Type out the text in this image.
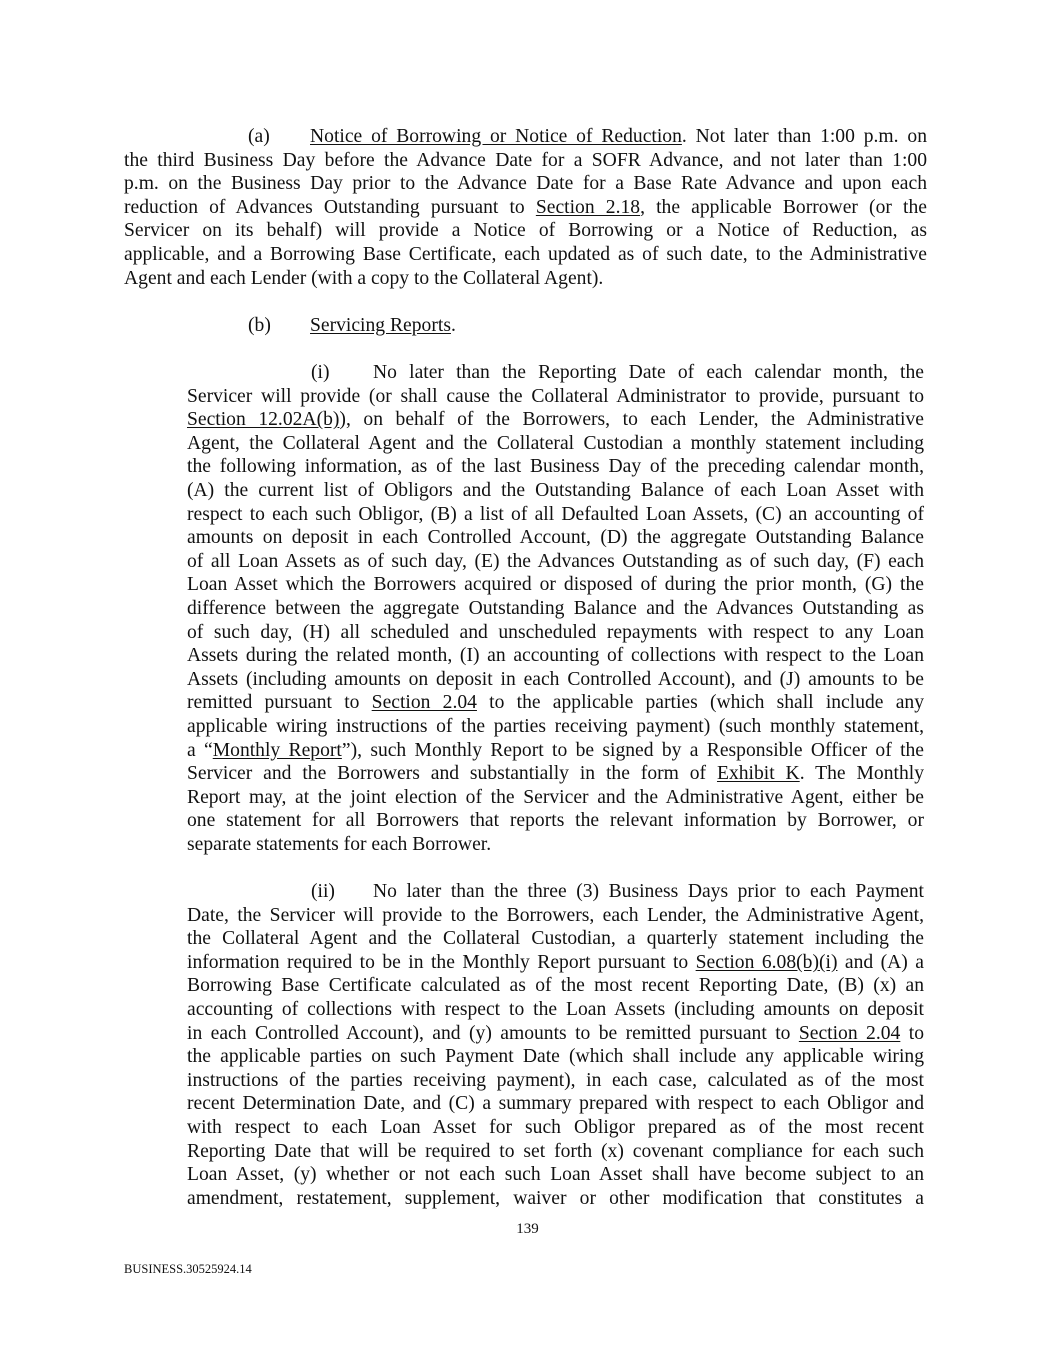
(a) Notice of Borrowing or Notice of Reduction. Not later than 1:00 p.m. on
the third Business Day before the Advance Date for a SOFR Advance, and not later than 1:00
p.m. on the Business Day prior to the Advance Date for a Base Rate Advance and upon each
reduction of Advances Outstanding pursuant to Section 2.18, the applicable Borrower (or the
Servicer on its behalf) will provide a Notice of Borrowing or a Notice of Reduction, as
applicable, and a Borrowing Base Certificate, each updated as of such date, to the Administrative
Agent and each Lender (with a copy to the Collateral Agent).
(b) Servicing Reports.
(i) No later than the Reporting Date of each calendar month, the
Servicer will provide (or shall cause the Collateral Administrator to provide, pursuant to
Section 12.02A(b)), on behalf of the Borrowers, to each Lender, the Administrative
Agent, the Collateral Agent and the Collateral Custodian a monthly statement including
the following information, as of the last Business Day of the preceding calendar month,
(A) the current list of Obligors and the Outstanding Balance of each Loan Asset with
respect to each such Obligor, (B) a list of all Defaulted Loan Assets, (C) an accounting of
amounts on deposit in each Controlled Account, (D) the aggregate Outstanding Balance
of all Loan Assets as of such day, (E) the Advances Outstanding as of such day, (F) each
Loan Asset which the Borrowers acquired or disposed of during the prior month, (G) the
difference between the aggregate Outstanding Balance and the Advances Outstanding as
of such day, (H) all scheduled and unscheduled repayments with respect to any Loan
Assets during the related month, (I) an accounting of collections with respect to the Loan
Assets (including amounts on deposit in each Controlled Account), and (J) amounts to be
remitted pursuant to Section 2.04 to the applicable parties (which shall include any
applicable wiring instructions of the parties receiving payment) (such monthly statement,
a “Monthly Report”), such Monthly Report to be signed by a Responsible Officer of the
Servicer and the Borrowers and substantially in the form of Exhibit K. The Monthly
Report may, at the joint election of the Servicer and the Administrative Agent, either be
one statement for all Borrowers that reports the relevant information by Borrower, or
separate statements for each Borrower.
(ii) No later than the three (3) Business Days prior to each Payment
Date, the Servicer will provide to the Borrowers, each Lender, the Administrative Agent,
the Collateral Agent and the Collateral Custodian, a quarterly statement including the
information required to be in the Monthly Report pursuant to Section 6.08(b)(i) and (A) a
Borrowing Base Certificate calculated as of the most recent Reporting Date, (B) (x) an
accounting of collections with respect to the Loan Assets (including amounts on deposit
in each Controlled Account), and (y) amounts to be remitted pursuant to Section 2.04 to
the applicable parties on such Payment Date (which shall include any applicable wiring
instructions of the parties receiving payment), in each case, calculated as of the most
recent Determination Date, and (C) a summary prepared with respect to each Obligor and
with respect to each Loan Asset for such Obligor prepared as of the most recent
Reporting Date that will be required to set forth (x) covenant compliance for each such
Loan Asset, (y) whether or not each such Loan Asset shall have become subject to an
amendment, restatement, supplement, waiver or other modification that constitutes a
139
BUSINESS.30525924.14
